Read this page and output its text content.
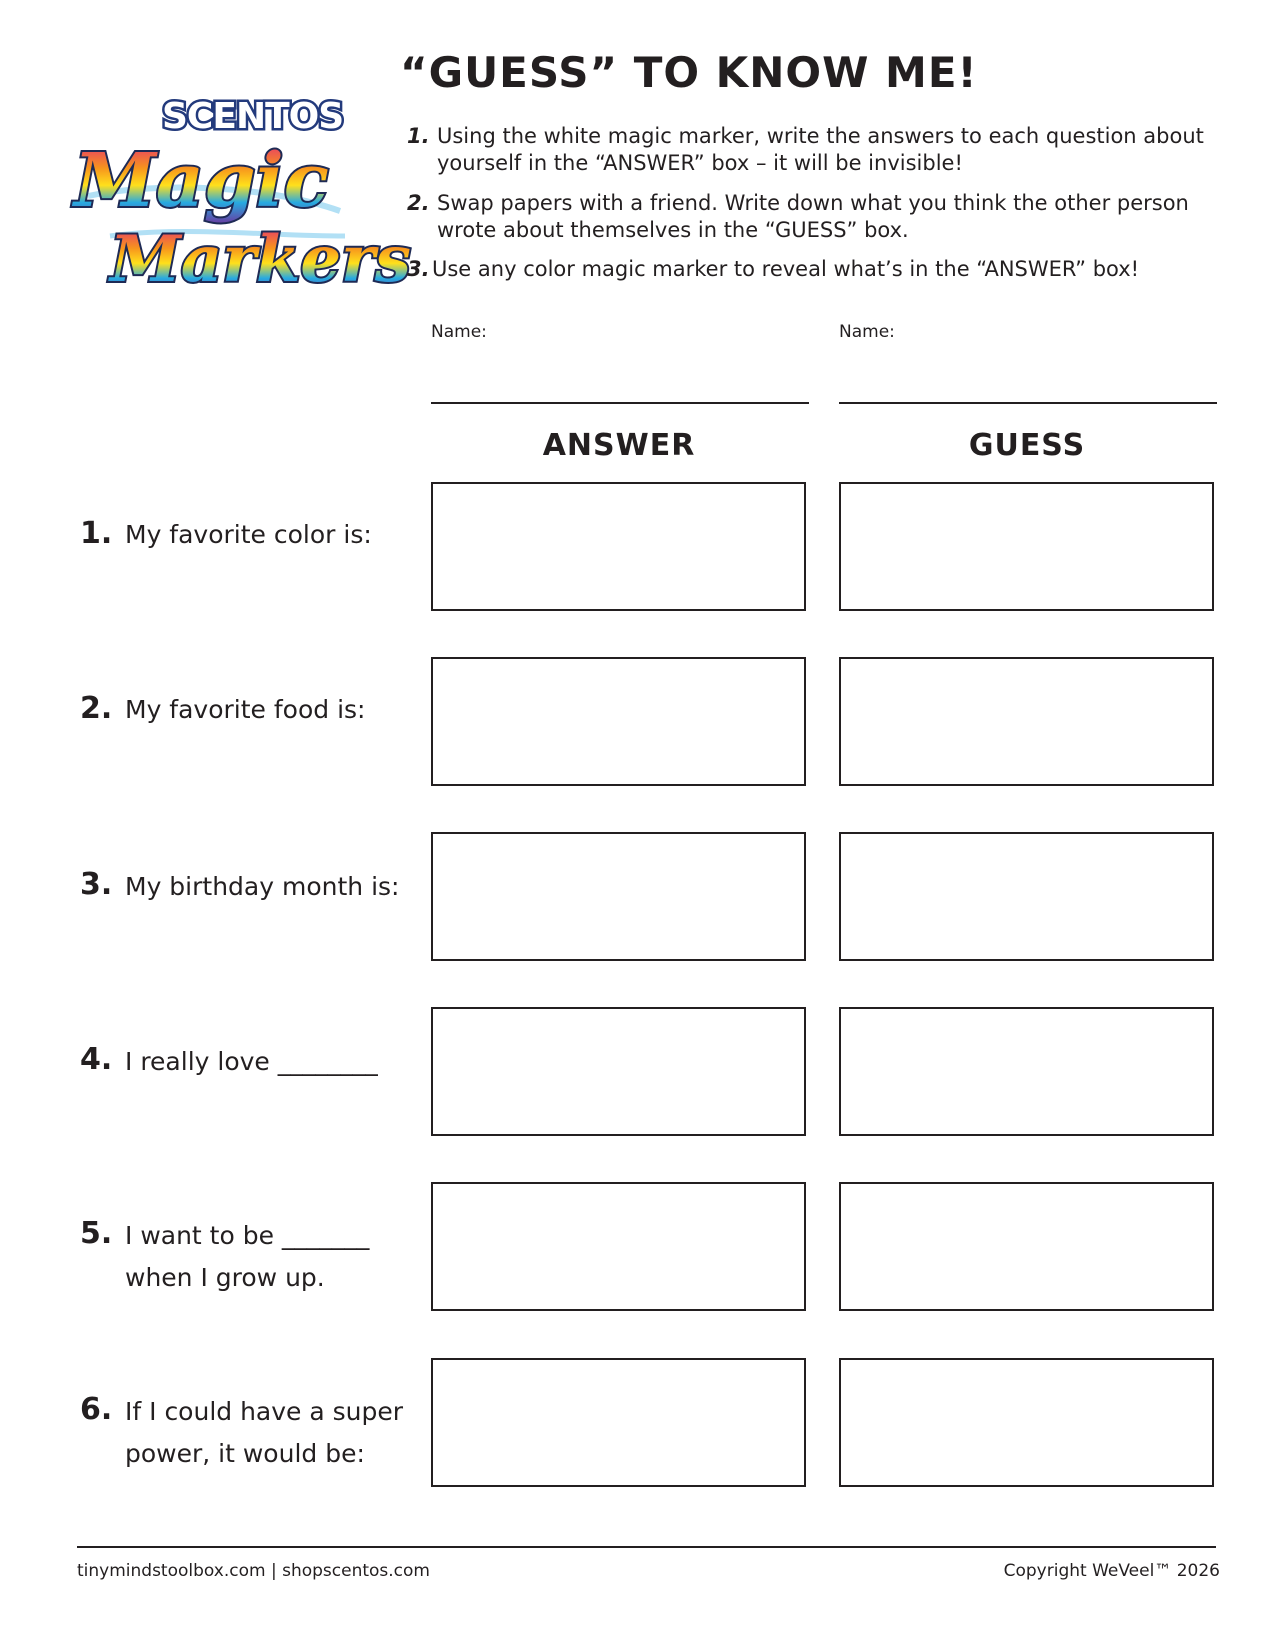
SCENTOS
Magic
Markers
“GUESS” TO KNOW ME!
1. Using the white magic marker, write the answers to each question about yourself in the “ANSWER” box – it will be invisible!
2. Swap papers with a friend. Write down what you think the other person wrote about themselves in the “GUESS” box.
3. Use any color magic marker to reveal what’s in the “ANSWER” box!
Name:	Name:
ANSWER	GUESS
1. My favorite color is:
2. My favorite food is:
3. My birthday month is:
4. I really love ________
5. I want to be _______
when I grow up.
6. If I could have a super
power, it would be:
tinymindstoolbox.com | shopscentos.com	Copyright WeVeel™ 2026
